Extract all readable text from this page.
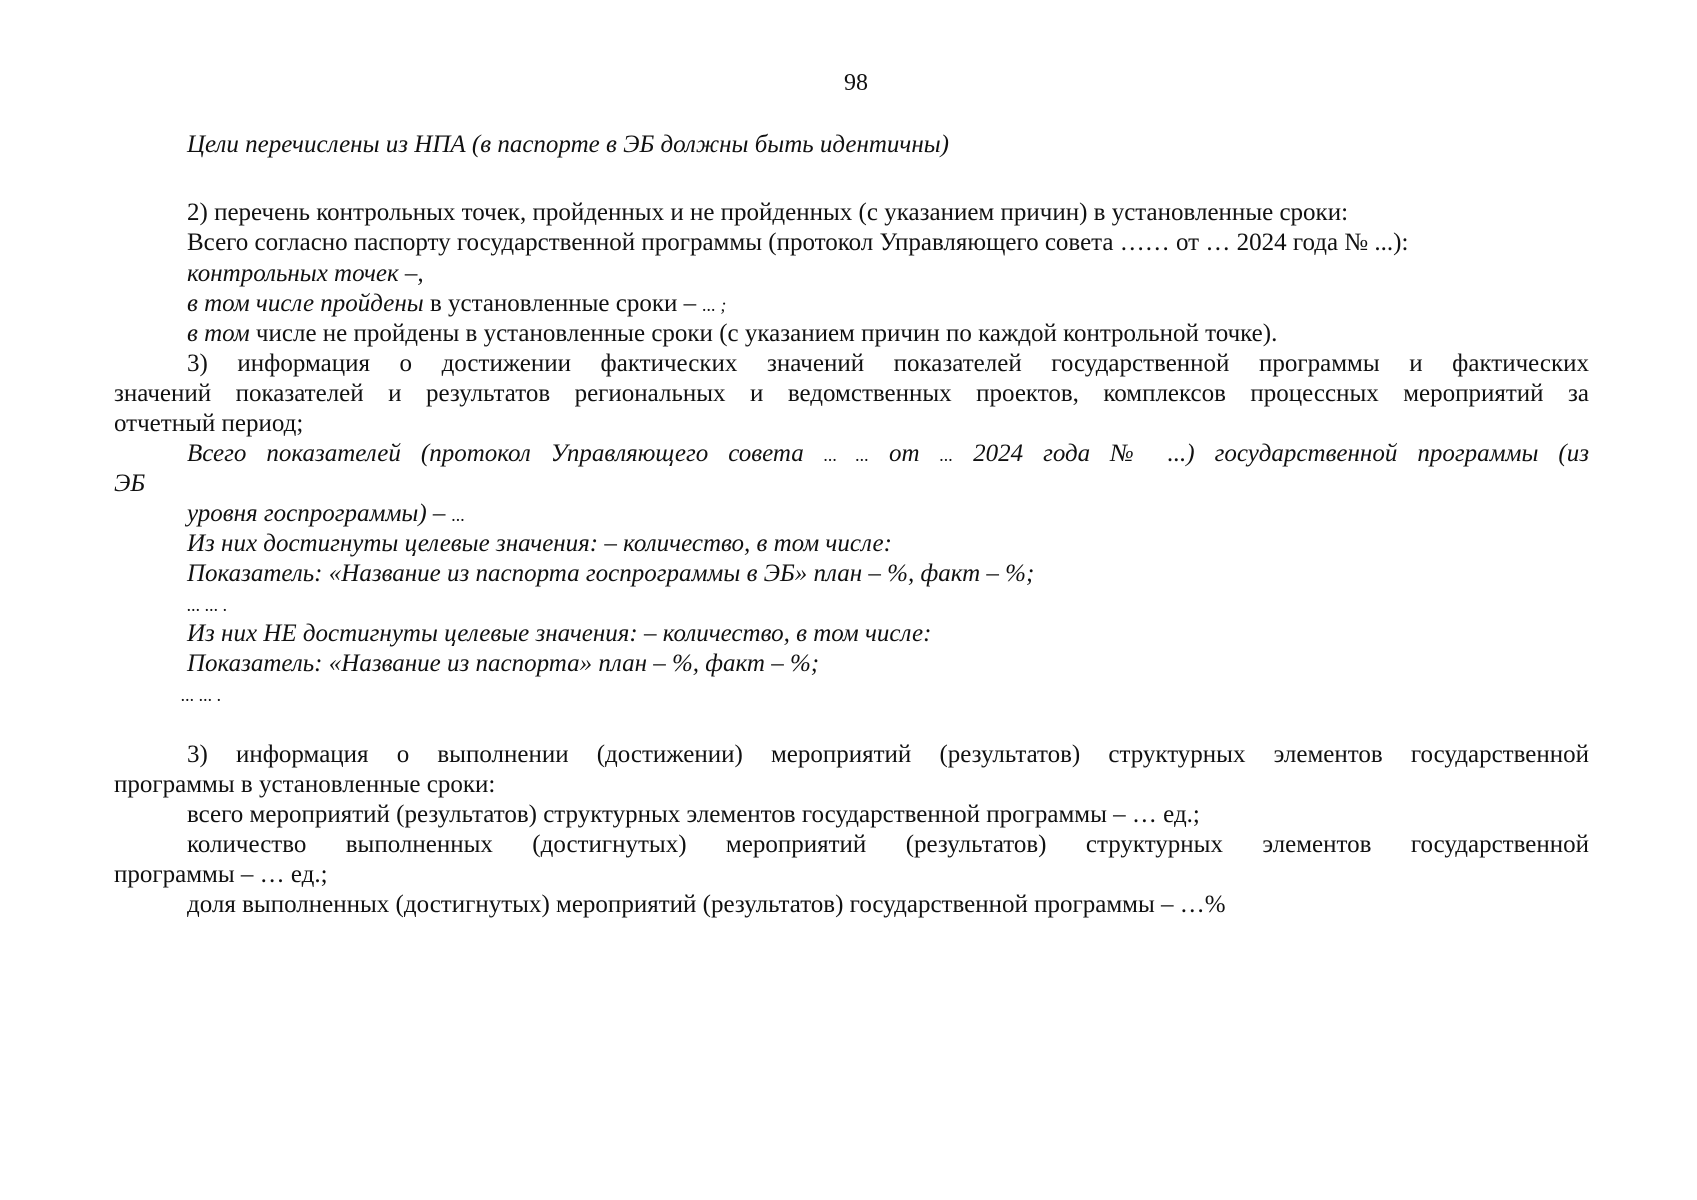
98
Цели перечислены из НПА (в паспорте в ЭБ должны быть идентичны)
2) перечень контрольных точек, пройденных и не пройденных (с указанием причин) в установленные сроки:
Всего согласно паспорту государственной программы (протокол Управляющего совета …… от … 2024 года № ...):
контрольных точек –,
в том числе пройдены в установленные сроки – ... ;
в том числе не пройдены в установленные сроки (с указанием причин по каждой контрольной точке).
3) информация о достижении фактических значений показателей государственной программы и фактических
значений показателей и результатов региональных и ведомственных проектов, комплексов процессных мероприятий за
отчетный период;
Всего показателей (протокол Управляющего совета ... ... от ... 2024 года № ...) государственной программы (из
ЭБ
уровня госпрограммы) – ...
Из них достигнуты целевые значения: – количество, в том числе:
Показатель: «Название из паспорта госпрограммы в ЭБ» план – %, факт – %;
... ... .
Из них НЕ достигнуты целевые значения: – количество, в том числе:
Показатель: «Название из паспорта» план – %, факт – %;
... ... .
3) информация о выполнении (достижении) мероприятий (результатов) структурных элементов государственной
программы в установленные сроки:
всего мероприятий (результатов) структурных элементов государственной программы – … ед.;
количество выполненных (достигнутых) мероприятий (результатов) структурных элементов государственной
программы – … ед.;
доля выполненных (достигнутых) мероприятий (результатов) государственной программы – …%
